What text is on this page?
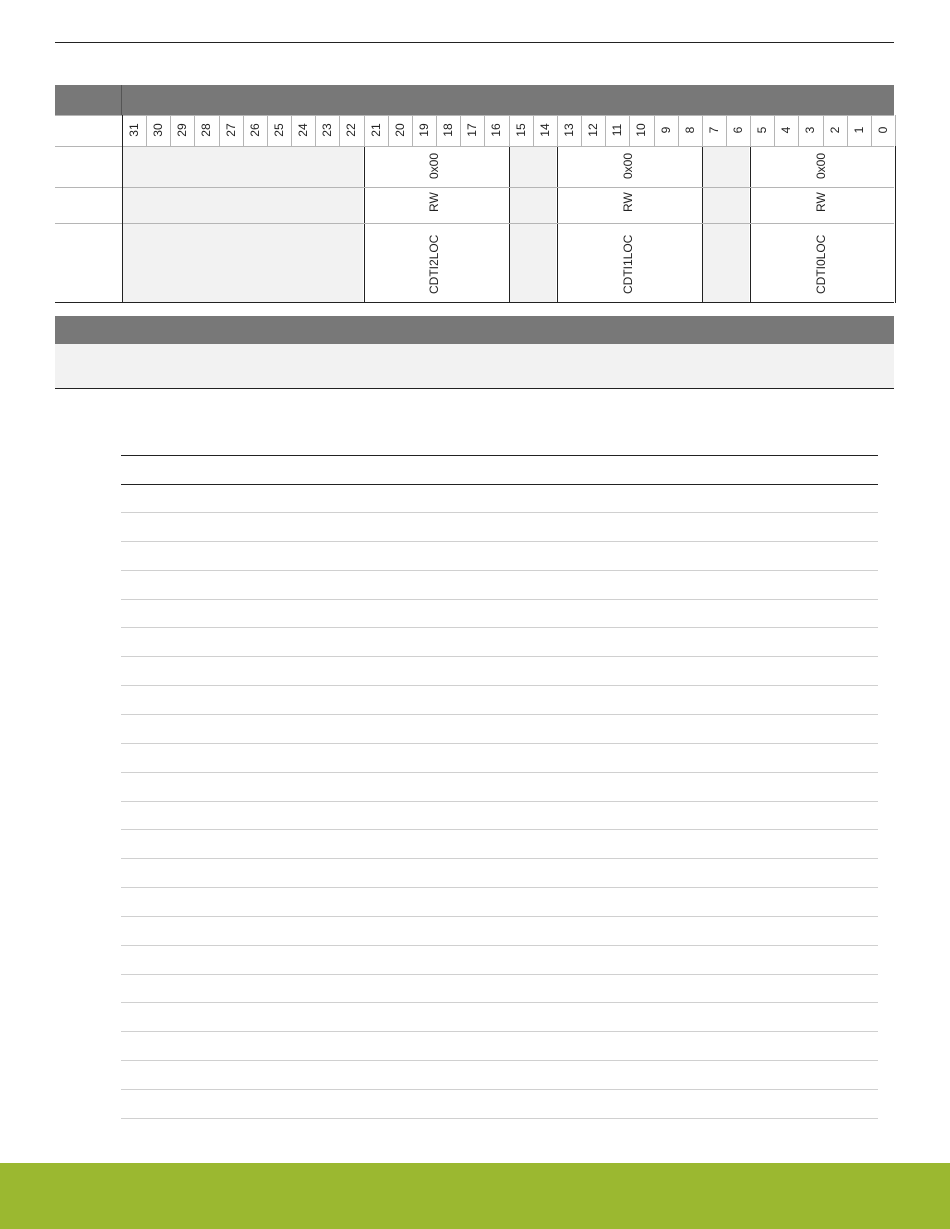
31 30 29 28 27 26 25 24 23 22 21 20 19 18 17 16 15 14 13 12 11 10 9 8 7 6 5 4 3 2 1 0
0x00
RW
CDTI2LOC
0x00
RW
CDTI1LOC
0x00
RW
CDTI0LOC
